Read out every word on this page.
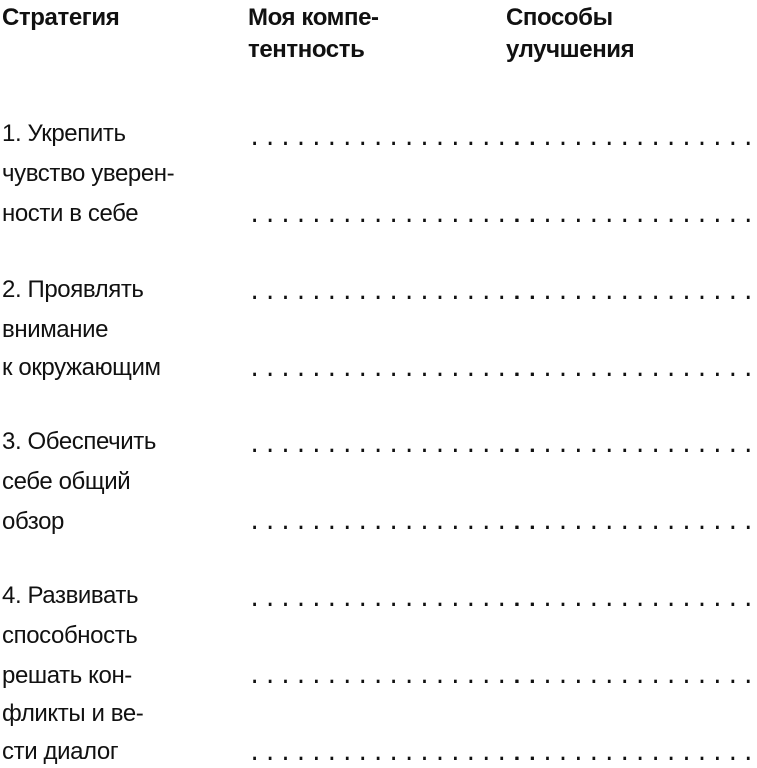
Стратегия	Моя компе-
тентность
Способы
улучшения
1. Укрепить
чувство уверен-
ности в себе
...................
................
...................
................
2. Проявлять
внимание
к окружающим
...................
................
...................
................
3. Обеспечить
себе общий
обзор
...................
................
...................
................
4. Развивать
способность
решать кон-
фликты и ве-
сти диалог
...................
................
...................
................
...................
................
